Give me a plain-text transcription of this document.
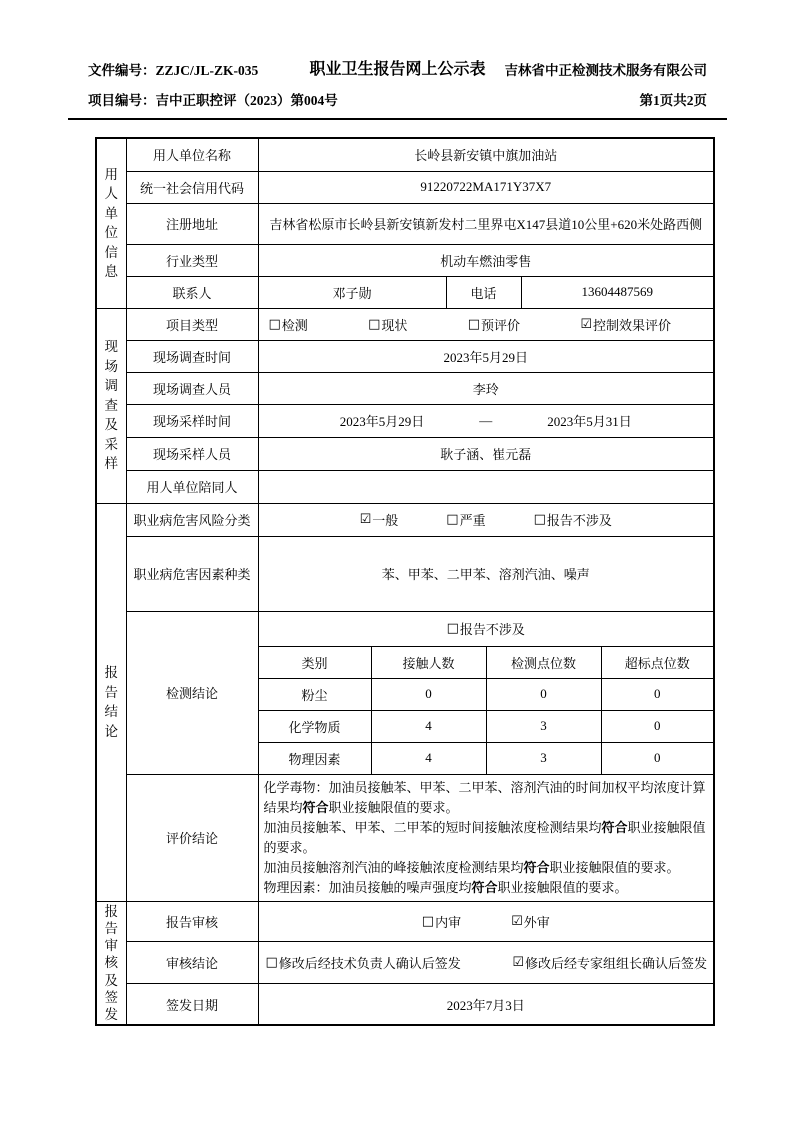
文件编号：ZZJC/JL-ZK-035	职业卫生报告网上公示表	吉林省中正检测技术服务有限公司
项目编号：吉中正职控评（2023）第004号	第1页共2页
用人单位信息	用人单位名称	长岭县新安镇中旗加油站					
	统一社会信用代码	91220722MA171Y37X7					
	注册地址	吉林省松原市长岭县新安镇新发村二里界屯X147县道10公里+620米处路西侧					
	行业类型	机动车燃油零售					
	联系人	邓子勋		电话		13604487569	

现场调查及采样
	项目类型	□ 检测	□ 现状	□ 预评价	☑ 控制效果评价

	现场调查时间	2023年5月29日					
	现场调查人员	李玲					
	现场采样时间	2023年5月29日 — 2023年5月31日					

	现场采样人员	耿子涵、崔元磊					
	用人单位陪同人						

报告结论
	职业病危害风险分类	☑ 一般	□ 严重	□ 报告不涉及

	职业病危害因素种类	苯、甲苯、二甲苯、溶剂汽油、噪声					
	检测结论	□ 报告不涉及					

		类别	接触人数		检测点位数		超标点位数
		粉尘	0		0		0
		化学物质	4		3		0
		物理因素	4		3		0
	评价结论	化学毒物：加油员接触苯、甲苯、二甲苯、溶剂汽油的时间加权平均浓度计算结果均符合职业接触限值的要求。
加油员接触苯、甲苯、二甲苯的短时间接触浓度检测结果均符合职业接触限值的要求。
加油员接触溶剂汽油的峰接触浓度检测结果均符合职业接触限值的要求。
物理因素：加油员接触的噪声强度均符合职业接触限值的要求。					

报告审核及签发	报告审核	□ 内审 ☑ 外审					

	审核结论	□ 修改后经技术负责人确认后签发 ☑ 修改后经专家组组长确认后签发					

	签发日期	2023年7月3日					
